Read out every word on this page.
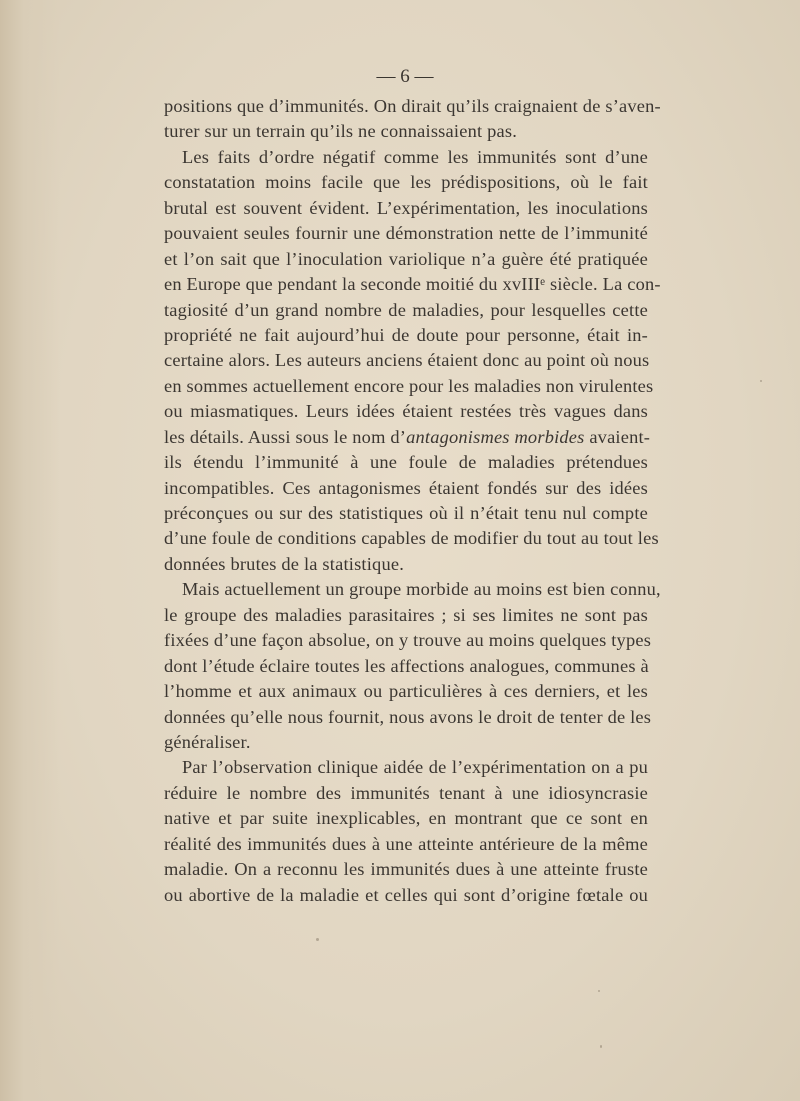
— 6 —
positions que d’immunités. On dirait qu’ils craignaient de s’aven-
turer sur un terrain qu’ils ne connaissaient pas.
Les faits d’ordre négatif comme les immunités sont d’une
constatation moins facile que les prédispositions, où le fait
brutal est souvent évident. L’expérimentation, les inoculations
pouvaient seules fournir une démonstration nette de l’immunité
et l’on sait que l’inoculation variolique n’a guère été pratiquée
en Europe que pendant la seconde moitié du xvIIIᵉ siècle. La con-
tagiosité d’un grand nombre de maladies, pour lesquelles cette
propriété ne fait aujourd’hui de doute pour personne, était in-
certaine alors. Les auteurs anciens étaient donc au point où nous
en sommes actuellement encore pour les maladies non virulentes
ou miasmatiques. Leurs idées étaient restées très vagues dans
les détails. Aussi sous le nom d’antagonismes morbides avaient-
ils étendu l’immunité à une foule de maladies prétendues
incompatibles. Ces antagonismes étaient fondés sur des idées
préconçues ou sur des statistiques où il n’était tenu nul compte
d’une foule de conditions capables de modifier du tout au tout les
données brutes de la statistique.
Mais actuellement un groupe morbide au moins est bien connu,
le groupe des maladies parasitaires ; si ses limites ne sont pas
fixées d’une façon absolue, on y trouve au moins quelques types
dont l’étude éclaire toutes les affections analogues, communes à
l’homme et aux animaux ou particulières à ces derniers, et les
données qu’elle nous fournit, nous avons le droit de tenter de les
généraliser.
Par l’observation clinique aidée de l’expérimentation on a pu
réduire le nombre des immunités tenant à une idiosyncrasie
native et par suite inexplicables, en montrant que ce sont en
réalité des immunités dues à une atteinte antérieure de la même
maladie. On a reconnu les immunités dues à une atteinte fruste
ou abortive de la maladie et celles qui sont d’origine fœtale ou
